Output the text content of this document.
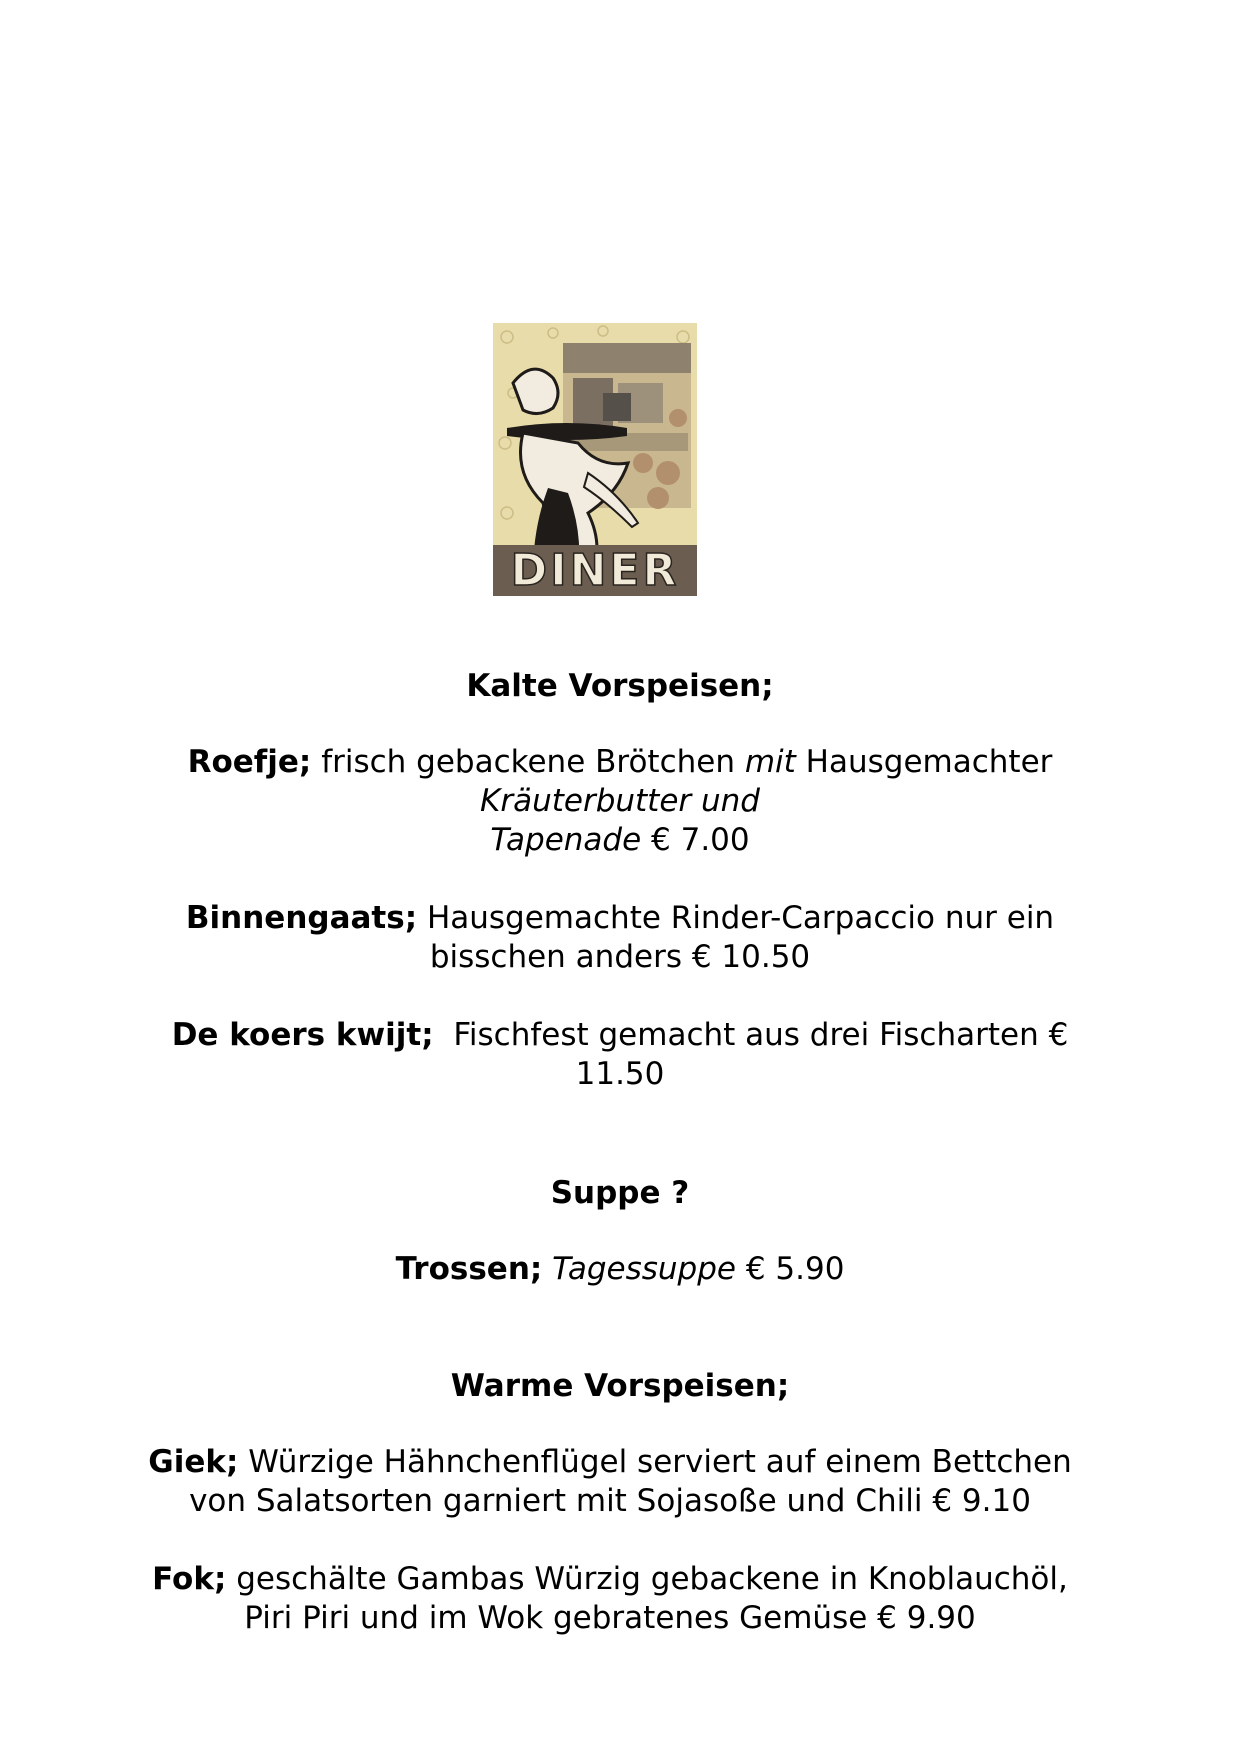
DINER
Kalte Vorspeisen;
Roefje; frisch gebackene Brötchen mit Hausgemachter
Kräuterbutter und
Tapenade € 7.00
Binnengaats; Hausgemachte Rinder-Carpaccio nur ein
bisschen anders € 10.50
De koers kwijt; Fischfest gemacht aus drei Fischarten €
11.50
Suppe ?
Trossen; Tagessuppe € 5.90
Warme Vorspeisen;
Giek; Würzige Hähnchenflügel serviert auf einem Bettchen
von Salatsorten garniert mit Sojasoße und Chili € 9.10
Fok; geschälte Gambas Würzig gebackene in Knoblauchöl,
Piri Piri und im Wok gebratenes Gemüse € 9.90
